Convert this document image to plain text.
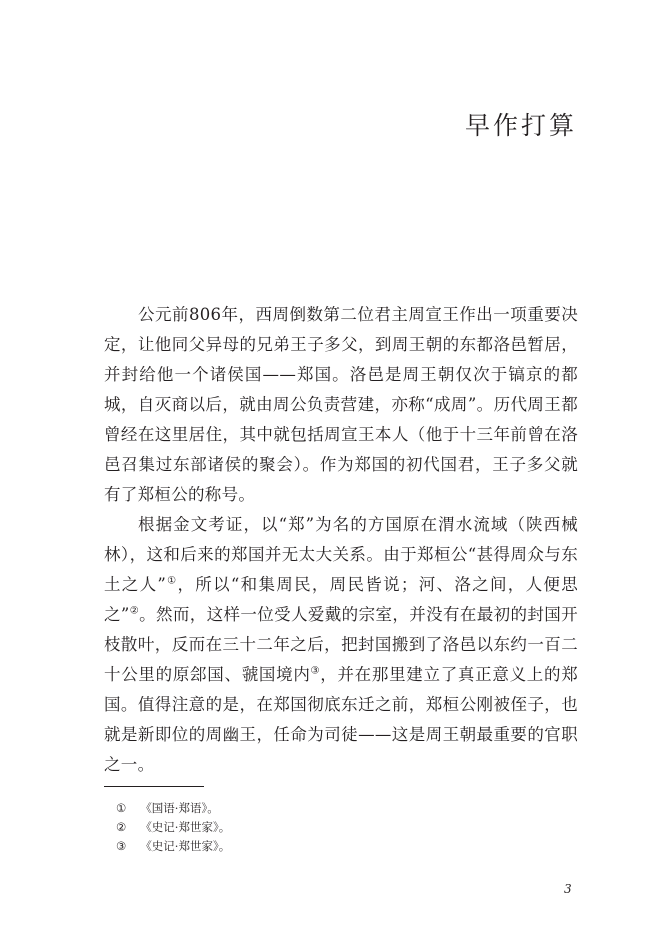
早作打算

公元前806年，西周倒数第二位君主周宣王作出一项重要决定，让他同父异母的兄弟王子多父，到周王朝的东都洛邑暂居，并封给他一个诸侯国——郑国。洛邑是周王朝仅次于镐京的都城，自灭商以后，就由周公负责营建，亦称“成周”。历代周王都曾经在这里居住，其中就包括周宣王本人（他于十三年前曾在洛邑召集过东部诸侯的聚会）。作为郑国的初代国君，王子多父就有了郑桓公的称号。

根据金文考证，以“郑”为名的方国原在渭水流域（陕西械林），这和后来的郑国并无太大关系。由于郑桓公“甚得周众与东土之人”①，所以“和集周民，周民皆说；河、洛之间，人便思之”②。然而，这样一位受人爱戴的宗室，并没有在最初的封国开枝散叶，反而在三十二年之后，把封国搬到了洛邑以东约一百二十公里的原郐国、虢国境内③，并在那里建立了真正意义上的郑国。值得注意的是，在郑国彻底东迁之前，郑桓公刚被侄子，也就是新即位的周幽王，任命为司徒——这是周王朝最重要的官职之一。

① 《国语·郑语》。
② 《史记·郑世家》。
③ 《史记·郑世家》。
3
